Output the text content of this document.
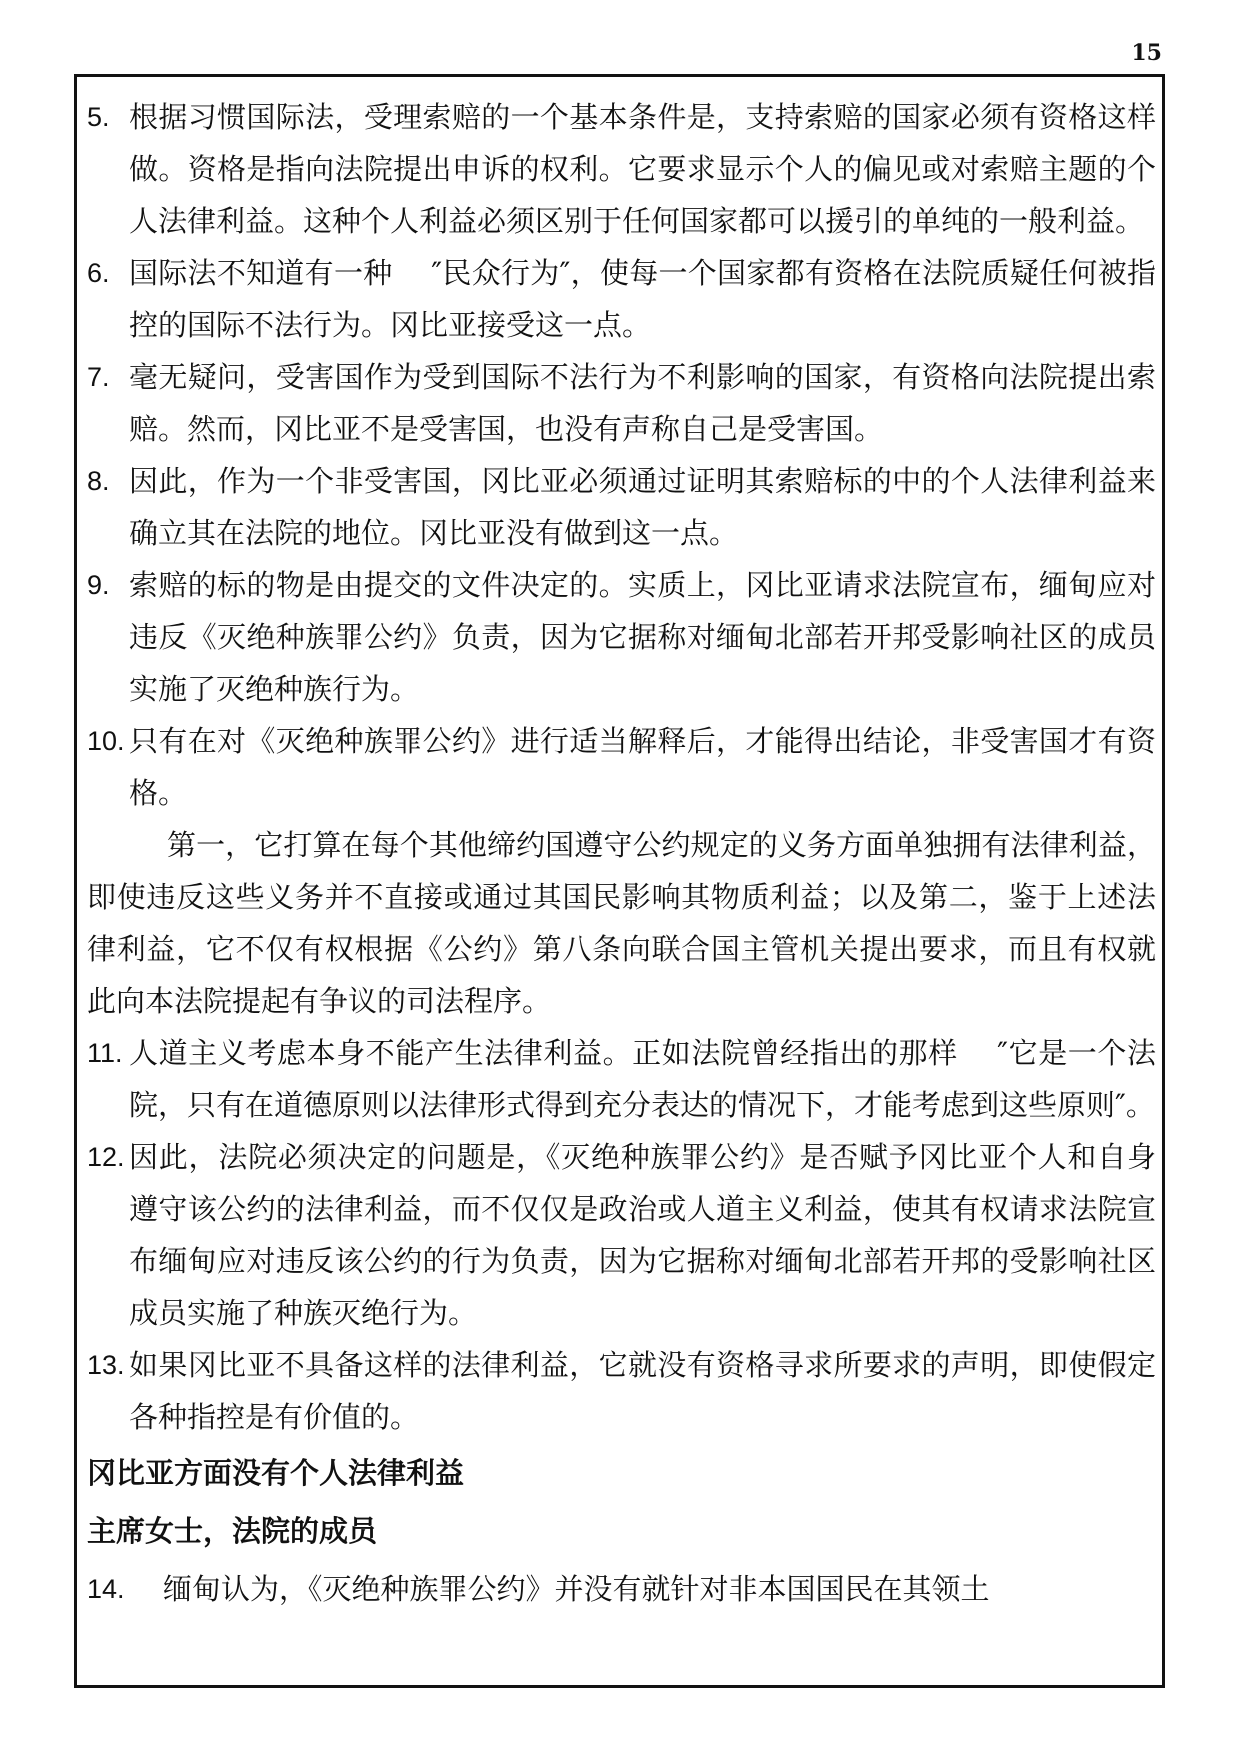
15
5. 根据习惯国际法，受理索赔的一个基本条件是，支持索赔的国家必须有资格这样做。资格是指向法院提出申诉的权利。它要求显示个人的偏见或对索赔主题的个人法律利益。这种个人利益必须区别于任何国家都可以援引的单纯的一般利益。
6. 国际法不知道有一种 　″民众行为″，使每一个国家都有资格在法院质疑任何被指控的国际不法行为。冈比亚接受这一点。
7. 毫无疑问，受害国作为受到国际不法行为不利影响的国家，有资格向法院提出索赔。然而，冈比亚不是受害国，也没有声称自己是受害国。
8. 因此，作为一个非受害国，冈比亚必须通过证明其索赔标的中的个人法律利益来确立其在法院的地位。冈比亚没有做到这一点。
9. 索赔的标的物是由提交的文件决定的。实质上，冈比亚请求法院宣布，缅甸应对违反《灭绝种族罪公约》负责，因为它据称对缅甸北部若开邦受影响社区的成员实施了灭绝种族行为。
10. 只有在对《灭绝种族罪公约》进行适当解释后，才能得出结论，非受害国才有资格。

第一，它打算在每个其他缔约国遵守公约规定的义务方面单独拥有法律利益，即使违反这些义务并不直接或通过其国民影响其物质利益；以及第二，鉴于上述法律利益，它不仅有权根据《公约》第八条向联合国主管机关提出要求，而且有权就此向本法院提起有争议的司法程序。

11. 人道主义考虑本身不能产生法律利益。正如法院曾经指出的那样 　″它是一个法院，只有在道德原则以法律形式得到充分表达的情况下，才能考虑到这些原则″。
12. 因此，法院必须决定的问题是，《灭绝种族罪公约》是否赋予冈比亚个人和自身遵守该公约的法律利益，而不仅仅是政治或人道主义利益，使其有权请求法院宣布缅甸应对违反该公约的行为负责，因为它据称对缅甸北部若开邦的受影响社区成员实施了种族灭绝行为。
13. 如果冈比亚不具备这样的法律利益，它就没有资格寻求所要求的声明，即使假定各种指控是有价值的。

冈比亚方面没有个人法律利益

主席女士，法院的成员

14.	缅甸认为，《灭绝种族罪公约》并没有就针对非本国国民在其领土
